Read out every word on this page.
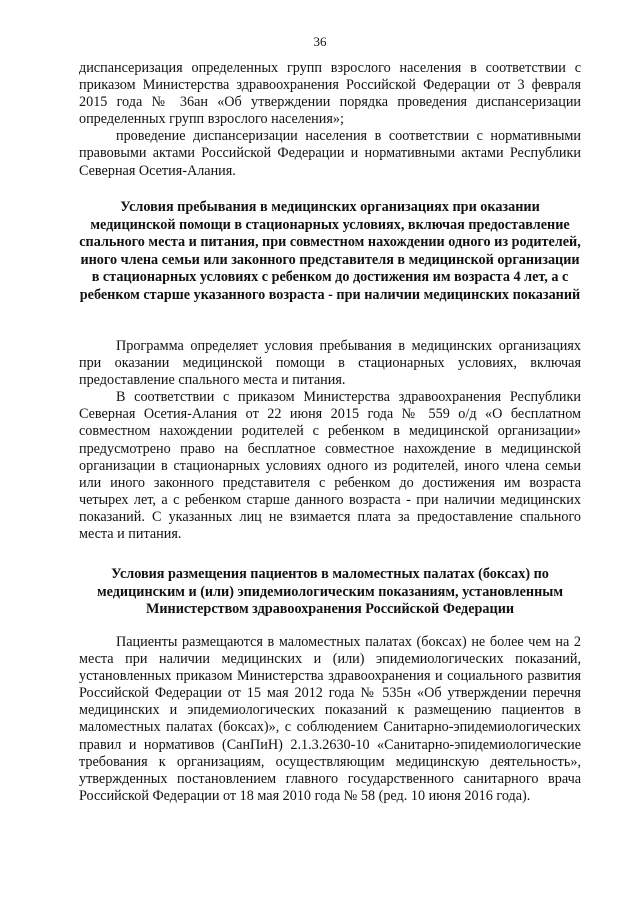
36

диспансеризация определенных групп взрослого населения в соответствии с приказом Министерства здравоохранения Российской Федерации от 3 февраля 2015 года № 36ан «Об утверждении порядка проведения диспансеризации определенных групп взрослого населения»;

проведение диспансеризации населения в соответствии с нормативными правовыми актами Российской Федерации и нормативными актами Республики Северная Осетия-Алания.

Условия пребывания в медицинских организациях при оказании медицинской помощи в стационарных условиях, включая предоставление спального места и питания, при совместном нахождении одного из родителей, иного члена семьи или законного представителя в медицинской организации в стационарных условиях с ребенком до достижения им возраста 4 лет, а с ребенком старше указанного возраста - при наличии медицинских показаний

Программа определяет условия пребывания в медицинских организациях при оказании медицинской помощи в стационарных условиях, включая предоставление спального места и питания.

В соответствии с приказом Министерства здравоохранения Республики Северная Осетия-Алания от 22 июня 2015 года № 559 о/д «О бесплатном совместном нахождении родителей с ребенком в медицинской организации» предусмотрено право на бесплатное совместное нахождение в медицинской организации в стационарных условиях одного из родителей, иного члена семьи или иного законного представителя с ребенком до достижения им возраста четырех лет, а с ребенком старше данного возраста - при наличии медицинских показаний. С указанных лиц не взимается плата за предоставление спального места и питания.

Условия размещения пациентов в маломестных палатах (боксах) по медицинским и (или) эпидемиологическим показаниям, установленным Министерством здравоохранения Российской Федерации

Пациенты размещаются в маломестных палатах (боксах) не более чем на 2 места при наличии медицинских и (или) эпидемиологических показаний, установленных приказом Министерства здравоохранения и социального развития Российской Федерации от 15 мая 2012 года № 535н «Об утверждении перечня медицинских и эпидемиологических показаний к размещению пациентов в маломестных палатах (боксах)», с соблюдением Санитарно-эпидемиологических правил и нормативов (СанПиН) 2.1.3.2630-10 «Санитарно-эпидемиологические требования к организациям, осуществляющим медицинскую деятельность», утвержденных постановлением главного государственного санитарного врача Российской Федерации от 18 мая 2010 года № 58 (ред. 10 июня 2016 года).
